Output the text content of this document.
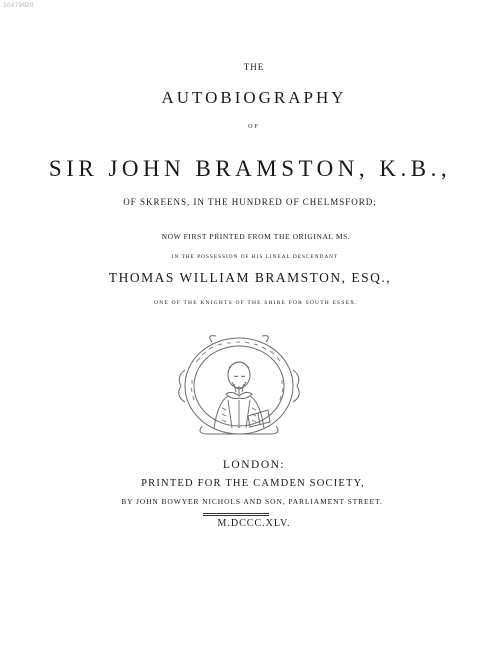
10479620

THE

AUTOBIOGRAPHY

OF

SIR JOHN BRAMSTON, K.B.,

OF SKREENS, IN THE HUNDRED OF CHELMSFORD;

NOW FIRST PRINTED FROM THE ORIGINAL MS.

IN THE POSSESSION OF HIS LINEAL DESCENDANT

THOMAS WILLIAM BRAMSTON, ESQ.,

ONE OF THE KNIGHTS OF THE SHIRE FOR SOUTH ESSEX.

LONDON:

PRINTED FOR THE CAMDEN SOCIETY,

BY JOHN BOWYER NICHOLS AND SON, PARLIAMENT STREET.

M.DCCC.XLV.
